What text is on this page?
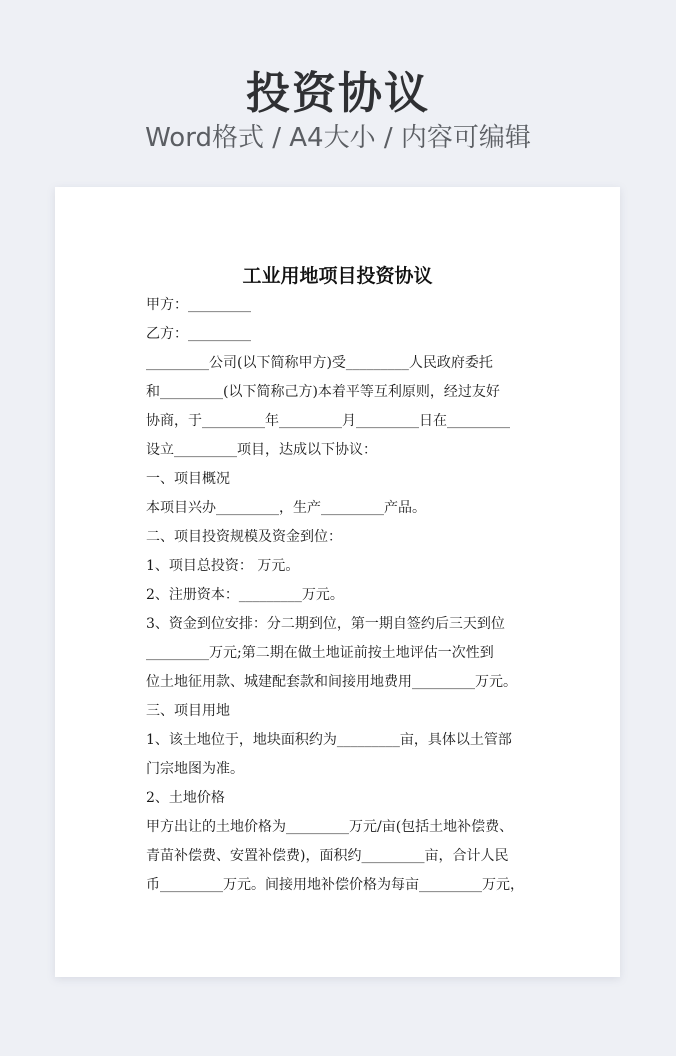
投资协议
Word格式 / A4大小 / 内容可编辑
工业用地项目投资协议
甲方：_________
乙方：_________
_________公司(以下简称甲方)受_________人民政府委托
和_________(以下简称己方)本着平等互利原则，经过友好
协商，于_________年_________月_________日在_________
设立_________项目，达成以下协议：
一、项目概况
本项目兴办_________，生产_________产品。
二、项目投资规模及资金到位：
1、项目总投资： 万元。
2、注册资本：_________万元。
3、资金到位安排：分二期到位，第一期自签约后三天到位
_________万元;第二期在做土地证前按土地评估一次性到
位土地征用款、城建配套款和间接用地费用_________万元。
三、项目用地
1、该土地位于，地块面积约为_________亩，具体以土管部
门宗地图为准。
2、土地价格
甲方出让的土地价格为_________万元/亩(包括土地补偿费、
青苗补偿费、安置补偿费)，面积约_________亩，合计人民
币_________万元。间接用地补偿价格为每亩_________万元，
